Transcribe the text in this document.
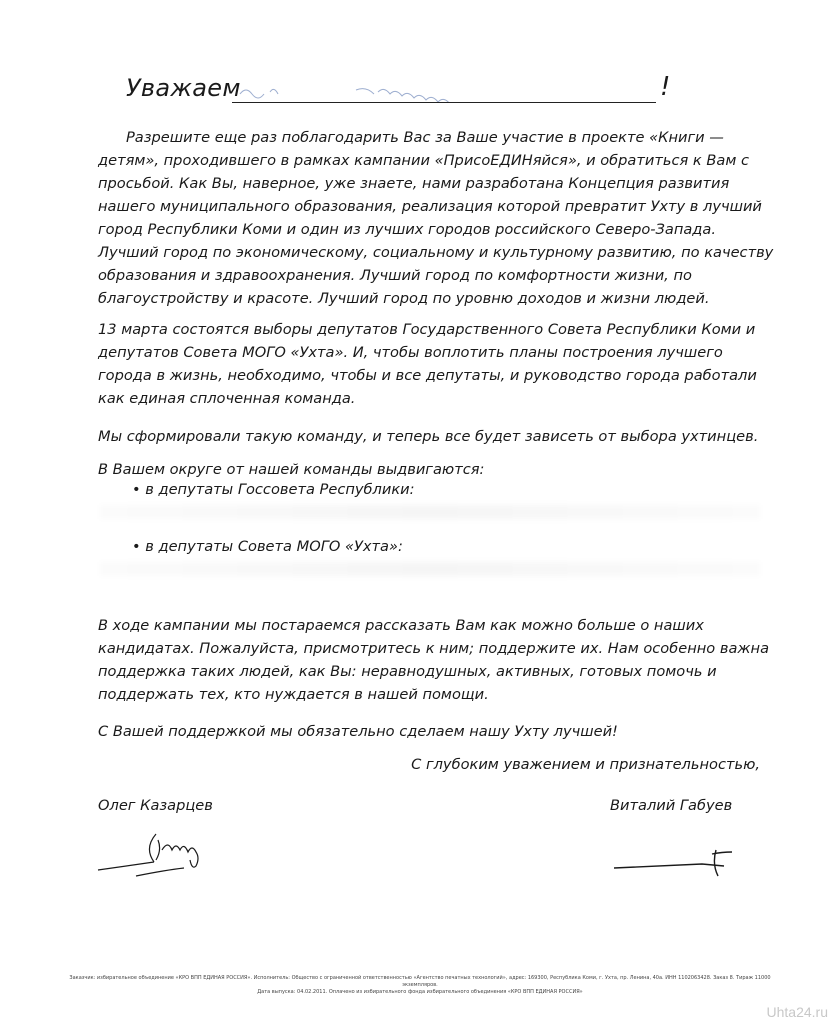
Уважаем	!

Разрешите еще раз поблагодарить Вас за Ваше участие в проекте «Книги — детям», проходившего в рамках кампании «ПрисоЕДИНяйся», и обратиться к Вам с просьбой. Как Вы, наверное, уже знаете, нами разработана Концепция развития нашего муниципального образования, реализация которой превратит Ухту в лучший город Республики Коми и один из лучших городов российского Северо-Запада. Лучший город по экономическому, социальному и культурному развитию, по качеству образования и здравоохранения. Лучший город по комфортности жизни, по благоустройству и красоте. Лучший город по уровню доходов и жизни людей.

13 марта состоятся выборы депутатов Государственного Совета Республики Коми и депутатов Совета МОГО «Ухта». И, чтобы воплотить планы построения лучшего города в жизнь, необходимо, чтобы и все депутаты, и руководство города работали как единая сплоченная команда.

Мы сформировали такую команду, и теперь все будет зависеть от выбора ухтинцев.

В Вашем округе от нашей команды выдвигаются:

• в депутаты Госсовета Республики:
• в депутаты Совета МОГО «Ухта»:

В ходе кампании мы постараемся рассказать Вам как можно больше о наших кандидатах. Пожалуйста, присмотритесь к ним; поддержите их. Нам особенно важна поддержка таких людей, как Вы: неравнодушных, активных, готовых помочь и поддержать тех, кто нуждается в нашей помощи.

С Вашей поддержкой мы обязательно сделаем нашу Ухту лучшей!

С глубоким уважением и признательностью,
Олег Казарцев	Виталий Габуев
Заказчик: избирательное объединение «КРО ВПП ЕДИНАЯ РОССИЯ». Исполнитель: Общество с ограниченной ответственностью «Агентство печатных технологий», адрес: 169300, Республика Коми, г. Ухта, пр. Ленина, 40а. ИНН 1102063428. Заказ 8. Тираж 11000 экземпляров.
Дата выпуска: 04.02.2011. Оплачено из избирательного фонда избирательного объединения «КРО ВПП ЕДИНАЯ РОССИЯ»
Uhta24.ru
